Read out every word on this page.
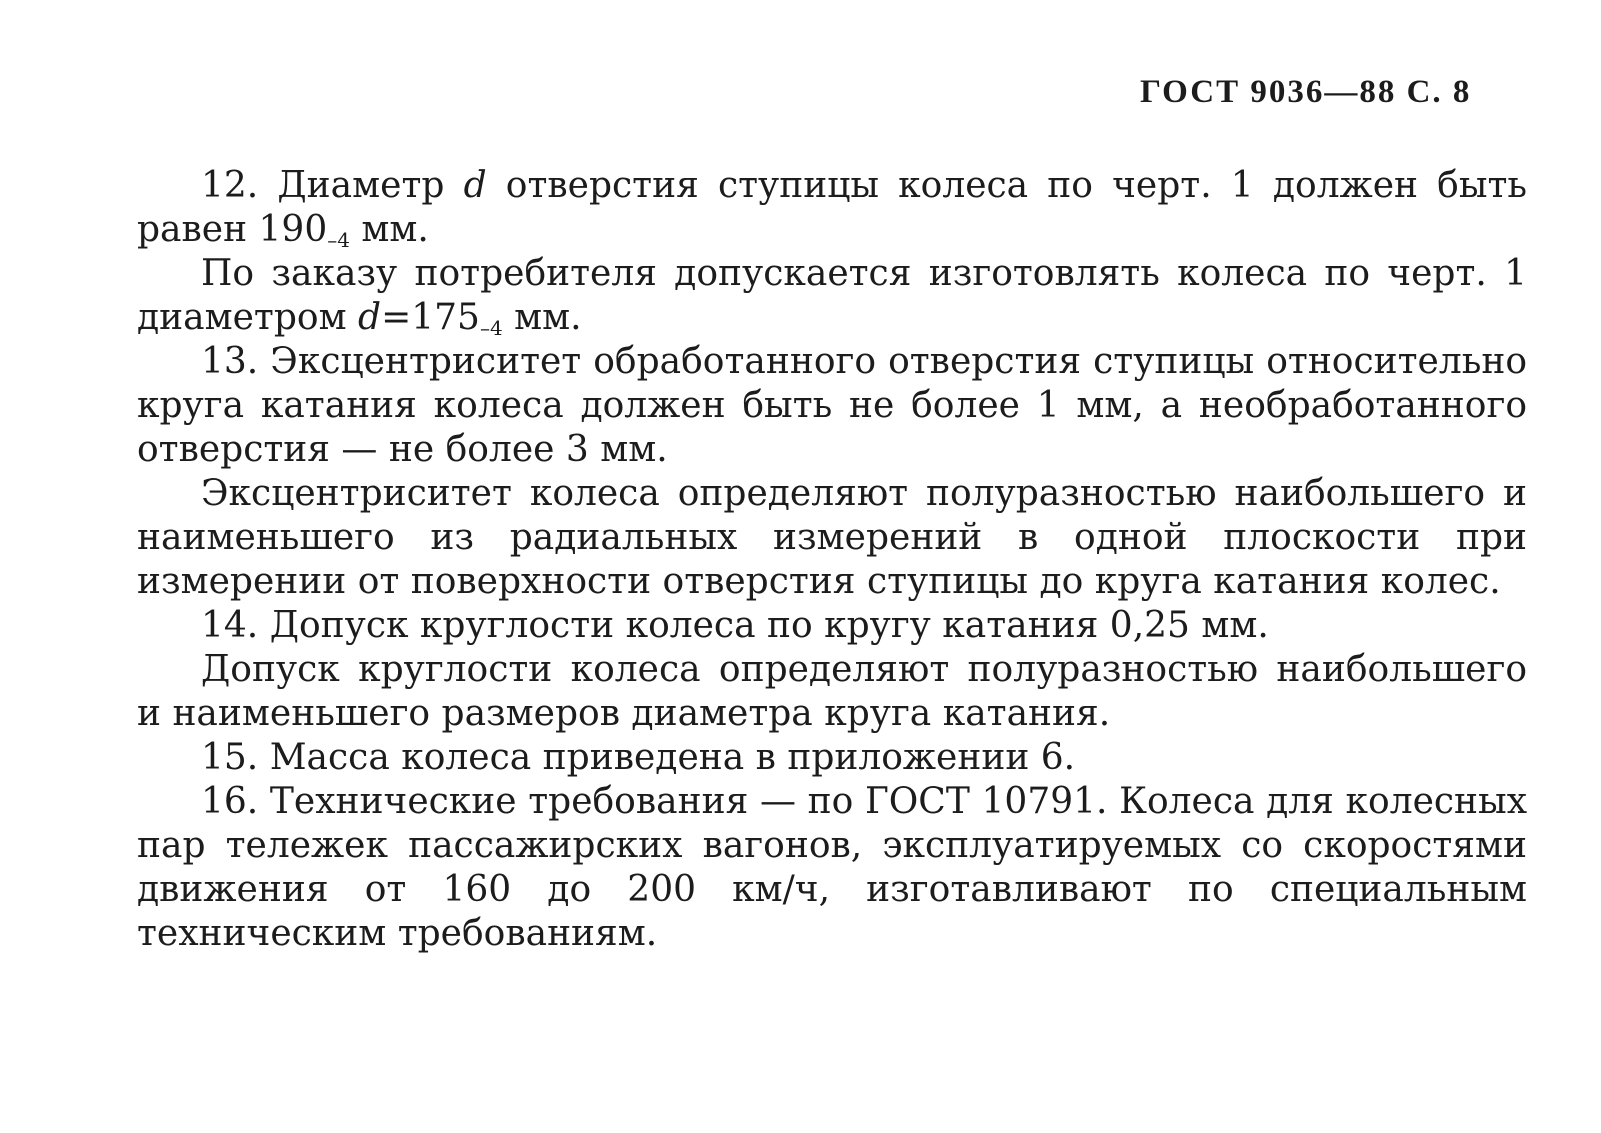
ГОСТ 9036—88 С. 8

12. Диаметр d отверстия ступицы колеса по черт. 1 должен быть равен $190_{-4}$ мм.

По заказу потребителя допускается изготовлять колеса по черт. 1 диаметром $d=175_{-4}$ мм.

13. Эксцентриситет обработанного отверстия ступицы относительно круга катания колеса должен быть не более 1 мм, а необработанного отверстия — не более 3 мм.

Эксцентриситет колеса определяют полуразностью наибольшего и наименьшего из радиальных измерений в одной плоскости при измерении от поверхности отверстия ступицы до круга катания колес.

14. Допуск круглости колеса по кругу катания 0,25 мм.

Допуск круглости колеса определяют полуразностью наибольшего и наименьшего размеров диаметра круга катания.

15. Масса колеса приведена в приложении 6.

16. Технические требования — по ГОСТ 10791. Колеса для колесных пар тележек пассажирских вагонов, эксплуатируемых со скоростями движения от 160 до 200 км/ч, изготавливают по специальным техническим требованиям.
